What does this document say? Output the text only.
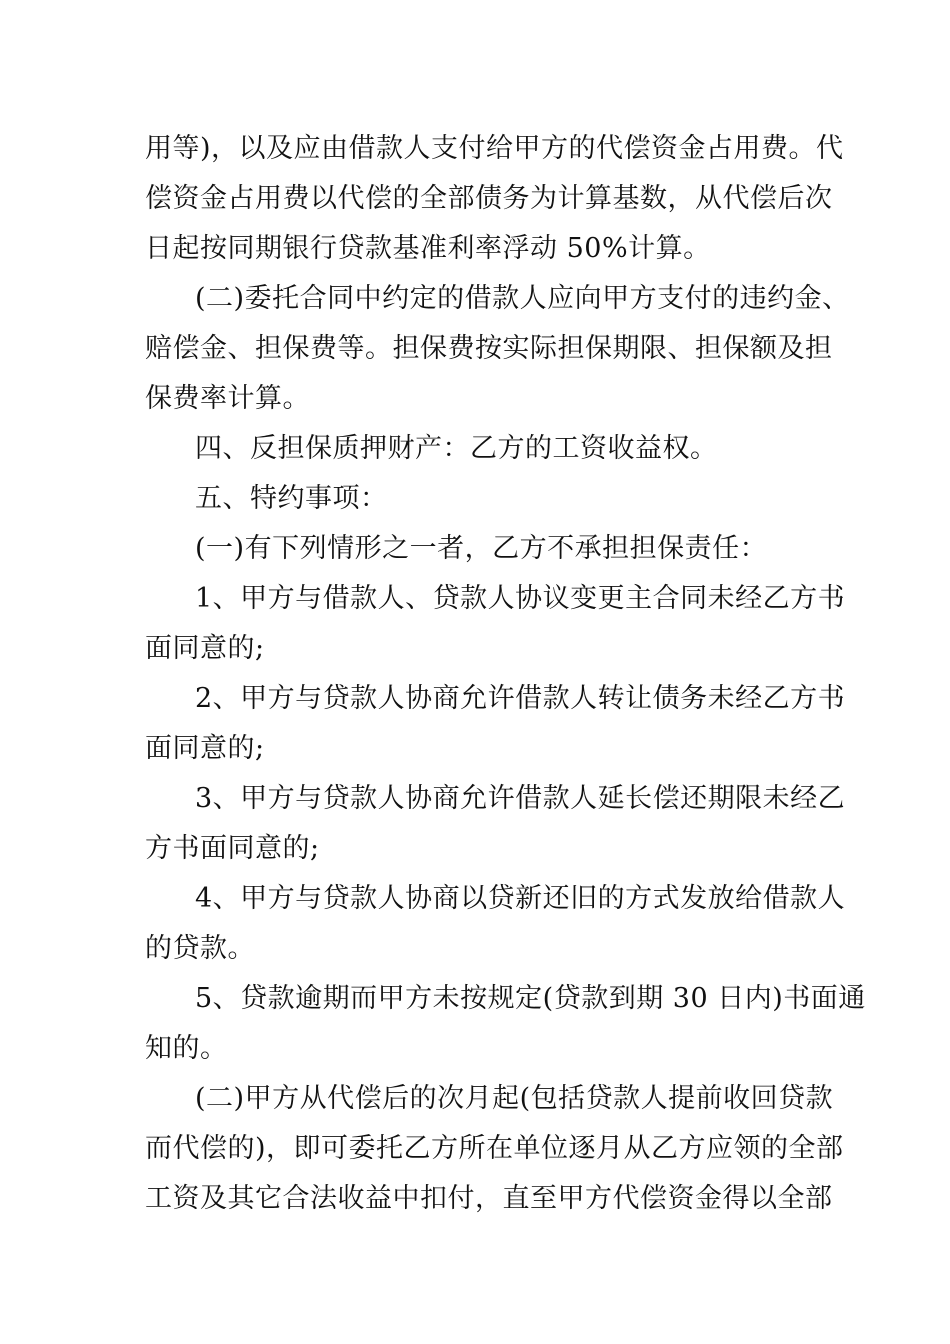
用等)，以及应由借款人支付给甲方的代偿资金占用费。代
偿资金占用费以代偿的全部债务为计算基数，从代偿后次
日起按同期银行贷款基准利率浮动 50%计算。
(二)委托合同中约定的借款人应向甲方支付的违约金、
赔偿金、担保费等。担保费按实际担保期限、担保额及担
保费率计算。
四、反担保质押财产：乙方的工资收益权。
五、特约事项：
(一)有下列情形之一者，乙方不承担担保责任：
1、甲方与借款人、贷款人协议变更主合同未经乙方书
面同意的;
2、甲方与贷款人协商允许借款人转让债务未经乙方书
面同意的;
3、甲方与贷款人协商允许借款人延长偿还期限未经乙
方书面同意的;
4、甲方与贷款人协商以贷新还旧的方式发放给借款人
的贷款。
5、贷款逾期而甲方未按规定(贷款到期 30 日内)书面通
知的。
(二)甲方从代偿后的次月起(包括贷款人提前收回贷款
而代偿的)，即可委托乙方所在单位逐月从乙方应领的全部
工资及其它合法收益中扣付，直至甲方代偿资金得以全部
